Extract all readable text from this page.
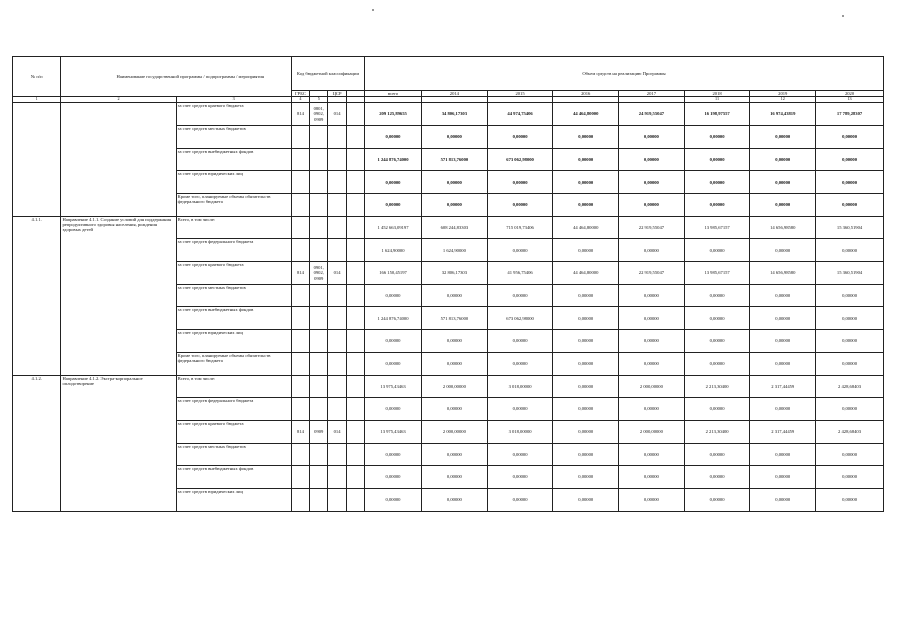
№ п/п	Наименование государственной программы / подпрограммы / мероприятия		Код бюджетной классификации				Объем средств на реализацию Программы							
			ГРБС		ЦСР		всего	2014	2015	2016	2017	2018	2019	2020
1	2	3	4	5								11	12	13
		за счет средств краевого бюджета	814	0801, 0902, 0909	014		209 125,89655	34 806,17303	44 974,75406	44 464,80000	24 919,55047	16 198,97557	16 974,43819	17 789,28307
		за счет средств местных бюджетов					0,00000	0,00000	0,00000	0,00000	0,00000	0,00000	0,00000	0,00000
		за счет средств внебюджетных фондов					1 244 876,74000	571 813,76000	673 062,98000	0,00000	0,00000	0,00000	0,00000	0,00000
		за счет средств юридических лиц					0,00000	0,00000	0,00000	0,00000	0,00000	0,00000	0,00000	0,00000
		Кроме того, планируемые объемы обязательств федерального бюджета					0,00000	0,00000	0,00000	0,00000	0,00000	0,00000	0,00000	0,00000
4.1.1.	Направление 4.1.1. Создание условий для поддержания репродуктивного здоровья населения, рождения здоровых детей	Всего, в том числе:					1 452 663,09197	608 244,83303	715 019,73406	44 464,80000	22 919,55047	13 985,67157	14 656,98580	15 360,51904
		за счет средств федерального бюджета					1 624,90000	1 624,90000	0,00000	0,00000	0,00000	0,00000	0,00000	0,00000
		за счет средств краевого бюджета	814	0901, 0902, 0909	014		166 150,45197	32 806,17303	41 956,75406	44 464,80000	22 919,55047	13 985,67157	14 656,98580	15 360,51904
		за счет средств местных бюджетов					0,00000	0,00000	0,00000	0,00000	0,00000	0,00000	0,00000	0,00000
		за счет средств внебюджетных фондов					1 244 876,74000	571 813,76000	673 062,98000	0,00000	0,00000	0,00000	0,00000	0,00000
		за счет средств юридических лиц					0,00000	0,00000	0,00000	0,00000	0,00000	0,00000	0,00000	0,00000
		Кроме того, планируемые объемы обязательств федерального бюджета					0,00000	0,00000	0,00000	0,00000	0,00000	0,00000	0,00000	0,00000
4.1.2.	Направление 4.1.2. Экстра-корпоральное оплодотворение	Всего, в том числе:					13 975,43463	2 000,00000	3 018,00000	0,00000	2 000,00000	2 213,30400	2 317,44459	2 428,68403
		за счет средств федерального бюджета					0,00000	0,00000	0,00000	0,00000	0,00000	0,00000	0,00000	0,00000
		за счет средств краевого бюджета	814	0909	014		13 975,43463	2 000,00000	3 018,00000	0,00000	2 000,00000	2 213,30400	2 317,44459	2 428,68403
		за счет средств местных бюджетов					0,00000	0,00000	0,00000	0,00000	0,00000	0,00000	0,00000	0,00000
		за счет средств внебюджетных фондов					0,00000	0,00000	0,00000	0,00000	0,00000	0,00000	0,00000	0,00000
		за счет средств юридических лиц					0,00000	0,00000	0,00000	0,00000	0,00000	0,00000	0,00000	0,00000
